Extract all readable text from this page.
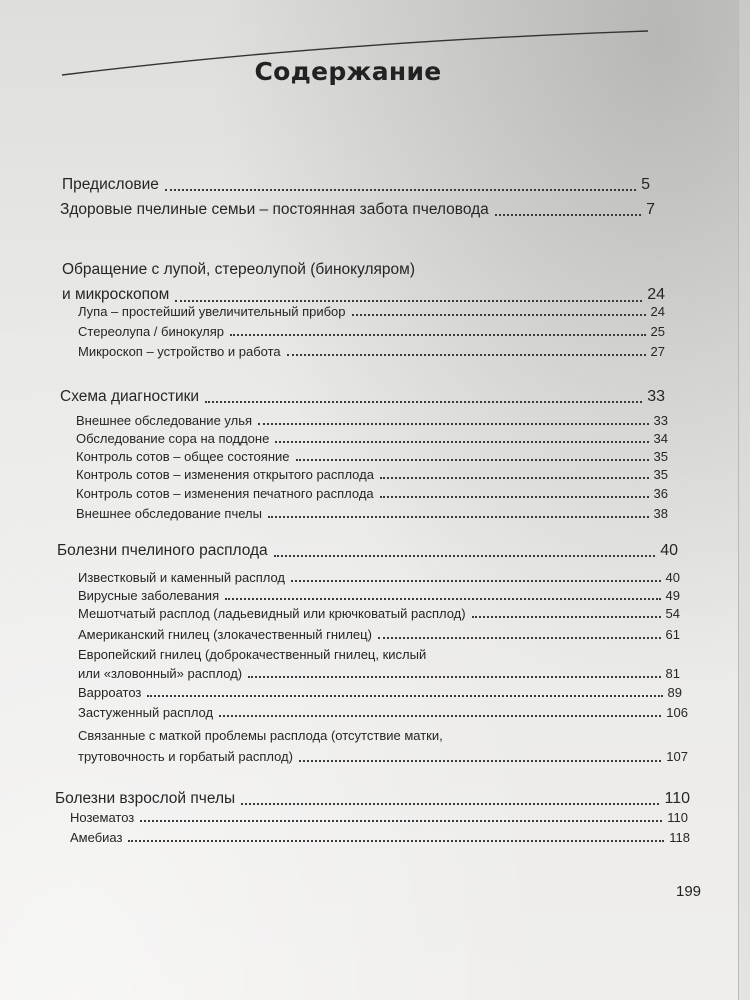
Содержание
Предисловие	5
Здоровые пчелиные семьи – постоянная забота пчеловода	7
Обращение с лупой, стереолупой (бинокуляром)
и микроскопом	24
Лупа – простейший увеличительный прибор	24
Стереолупа / бинокуляр	25
Микроскоп – устройство и работа	27
Схема диагностики	33
Внешнее обследование улья	33
Обследование сора на поддоне	34
Контроль сотов – общее состояние	35
Контроль сотов – изменения открытого расплода	35
Контроль сотов – изменения печатного расплода	36
Внешнее обследование пчелы	38
Болезни пчелиного расплода	40
Известковый и каменный расплод	40
Вирусные заболевания	49
Мешотчатый расплод (ладьевидный или крючковатый расплод)	54
Американский гнилец (злокачественный гнилец)	61
Европейский гнилец (доброкачественный гнилец, кислый
или «зловонный» расплод)	81
Варроатоз	89
Застуженный расплод	106
Связанные с маткой проблемы расплода (отсутствие матки,
трутовочность и горбатый расплод)	107
Болезни взрослой пчелы	110
Нозематоз	110
Амебиаз	118
199
